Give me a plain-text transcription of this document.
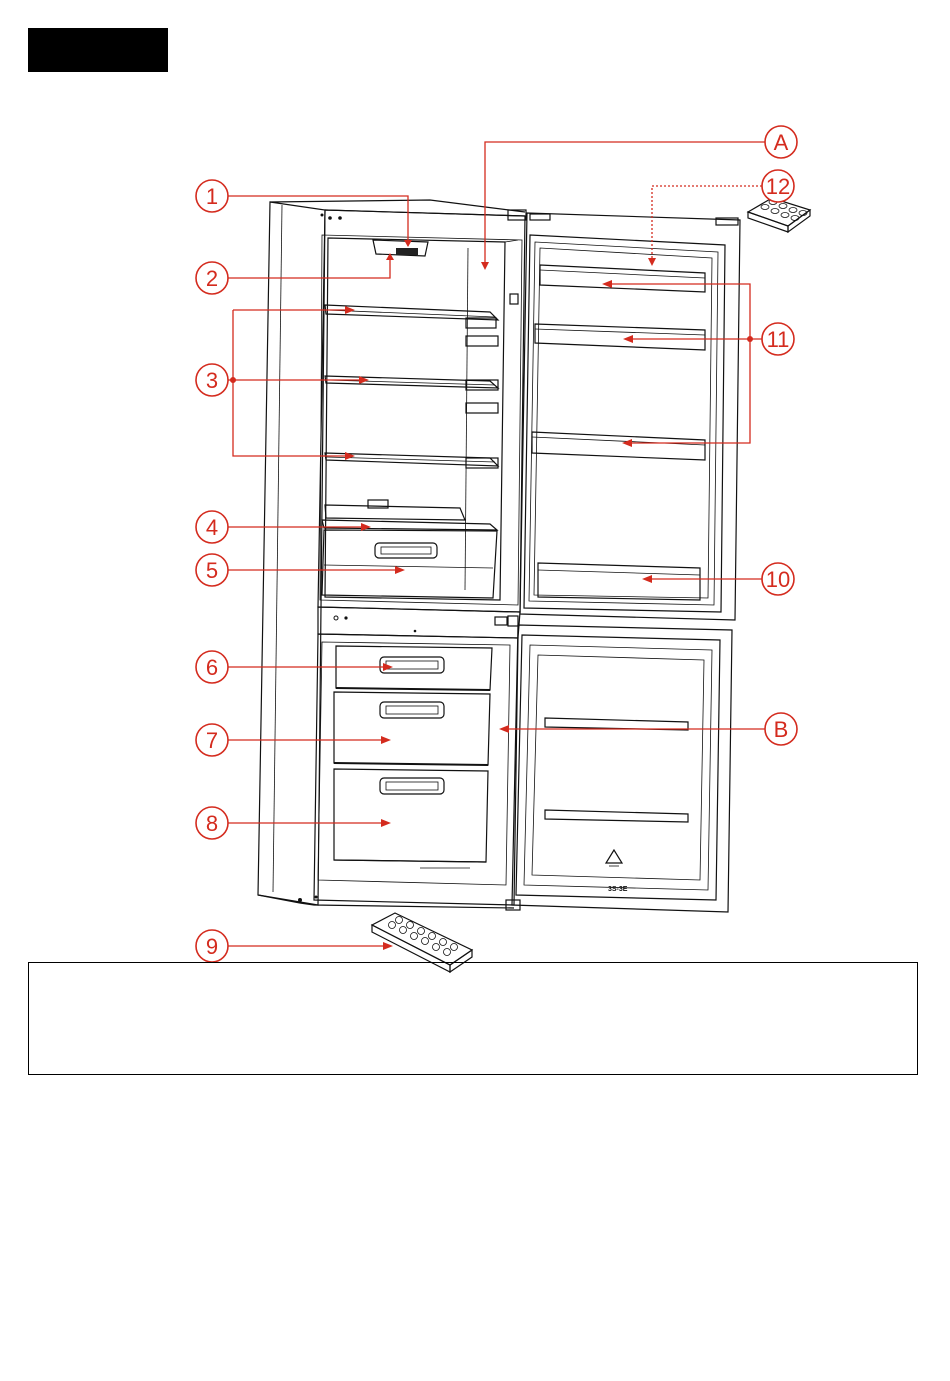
3S-3E
1
2
3
4
5
6
7
8
9
10
11
12
A
B
